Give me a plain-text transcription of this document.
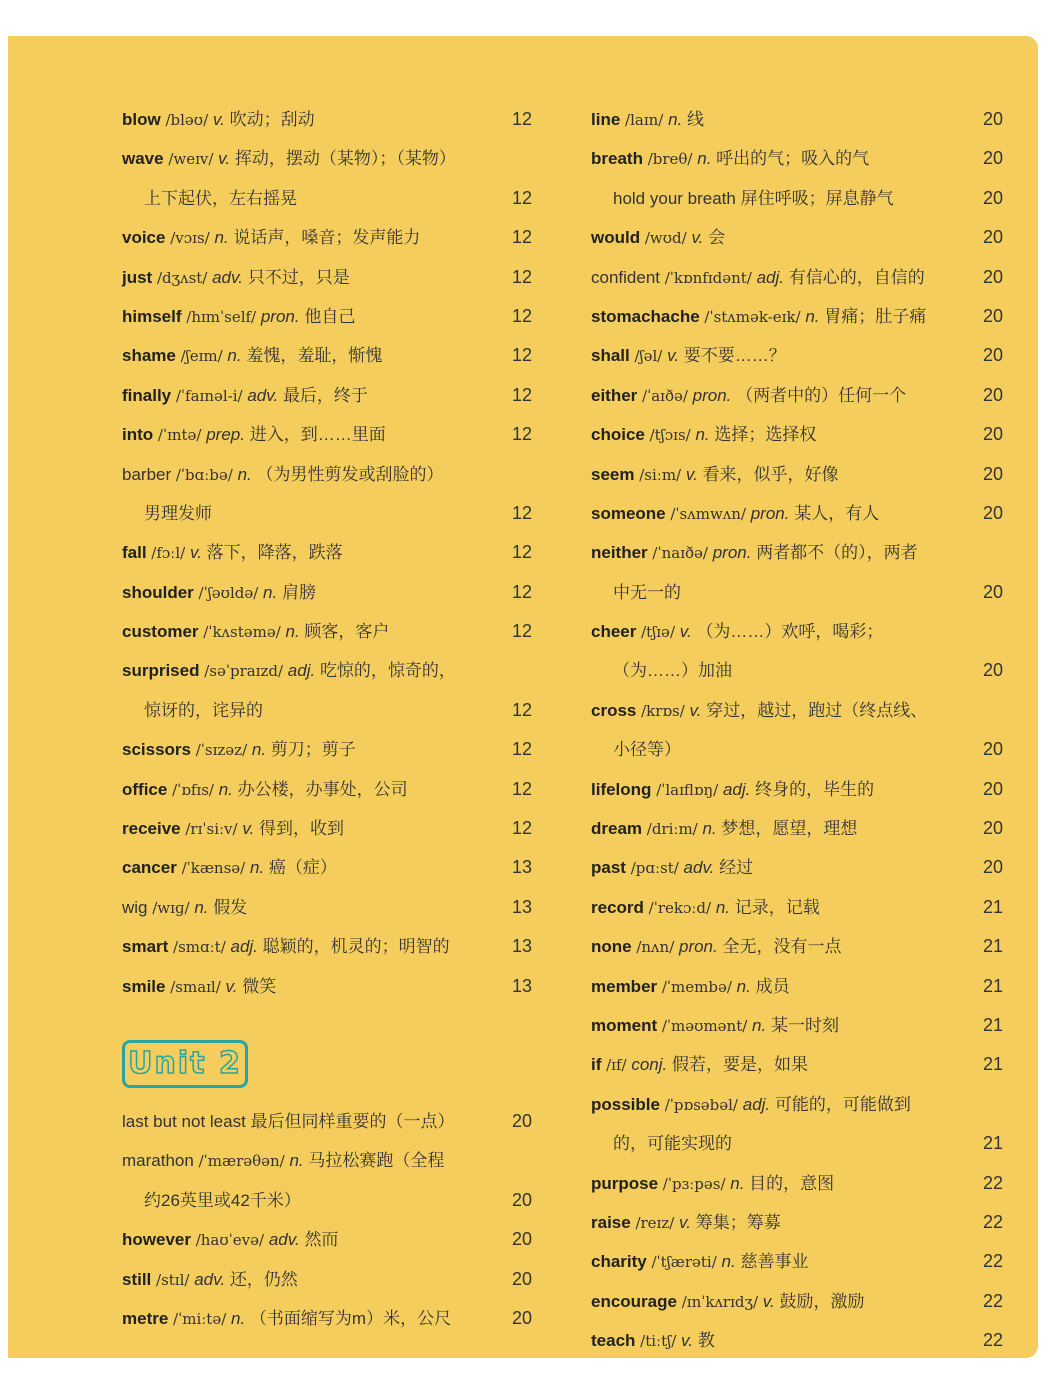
blow /bləʊ/ v. 吹动；刮动	12
wave /weɪv/ v. 挥动，摆动（某物）；（某物）
上下起伏，左右摇晃	12
voice /vɔɪs/ n. 说话声，嗓音；发声能力	12
just /dʒʌst/ adv. 只不过，只是	12
himself /hɪmˈself/ pron. 他自己	12
shame /ʃeɪm/ n. 羞愧，羞耻，惭愧	12
finally /ˈfaɪnəl-i/ adv. 最后，终于	12
into /ˈɪntə/ prep. 进入，到……里面	12
barber /ˈbɑːbə/ n. （为男性剪发或刮脸的）
男理发师	12
fall /fɔːl/ v. 落下，降落，跌落	12
shoulder /ˈʃəʊldə/ n. 肩膀	12
customer /ˈkʌstəmə/ n. 顾客，客户	12
surprised /səˈpraɪzd/ adj. 吃惊的，惊奇的，
惊讶的，诧异的	12
scissors /ˈsɪzəz/ n. 剪刀；剪子	12
office /ˈɒfɪs/ n. 办公楼，办事处，公司	12
receive /rɪˈsiːv/ v. 得到，收到	12
cancer /ˈkænsə/ n. 癌（症）	13
wig /wɪɡ/ n. 假发	13
smart /smɑːt/ adj. 聪颖的，机灵的；明智的	13
smile /smaɪl/ v. 微笑	13
Unit 2
last but not least 最后但同样重要的（一点）	20
marathon /ˈmærəθən/ n. 马拉松赛跑（全程
约26英里或42千米）	20
however /haʊˈevə/ adv. 然而	20
still /stɪl/ adv. 还，仍然	20
metre /ˈmiːtə/ n. （书面缩写为m）米，公尺	20
line /laɪn/ n. 线	20
breath /breθ/ n. 呼出的气；吸入的气	20
hold your breath 屏住呼吸；屏息静气	20
would /wʊd/ v. 会	20
confident /ˈkɒnfɪdənt/ adj. 有信心的，自信的	20
stomachache /ˈstʌmək-eɪk/ n. 胃痛；肚子痛	20
shall /ʃəl/ v. 要不要……？	20
either /ˈaɪðə/ pron. （两者中的）任何一个	20
choice /tʃɔɪs/ n. 选择；选择权	20
seem /siːm/ v. 看来，似乎，好像	20
someone /ˈsʌmwʌn/ pron. 某人，有人	20
neither /ˈnaɪðə/ pron. 两者都不（的），两者
中无一的	20
cheer /tʃɪə/ v. （为……）欢呼，喝彩；
（为……）加油	20
cross /krɒs/ v. 穿过，越过，跑过（终点线、
小径等）	20
lifelong /ˈlaɪflɒŋ/ adj. 终身的，毕生的	20
dream /driːm/ n. 梦想，愿望，理想	20
past /pɑːst/ adv. 经过	20
record /ˈrekɔːd/ n. 记录，记载	21
none /nʌn/ pron. 全无，没有一点	21
member /ˈmembə/ n. 成员	21
moment /ˈməʊmənt/ n. 某一时刻	21
if /ɪf/ conj. 假若，要是，如果	21
possible /ˈpɒsəbəl/ adj. 可能的，可能做到
的，可能实现的	21
purpose /ˈpɜːpəs/ n. 目的，意图	22
raise /reɪz/ v. 筹集；筹募	22
charity /ˈtʃærəti/ n. 慈善事业	22
encourage /ɪnˈkʌrɪdʒ/ v. 鼓励，激励	22
teach /tiːtʃ/ v. 教	22
